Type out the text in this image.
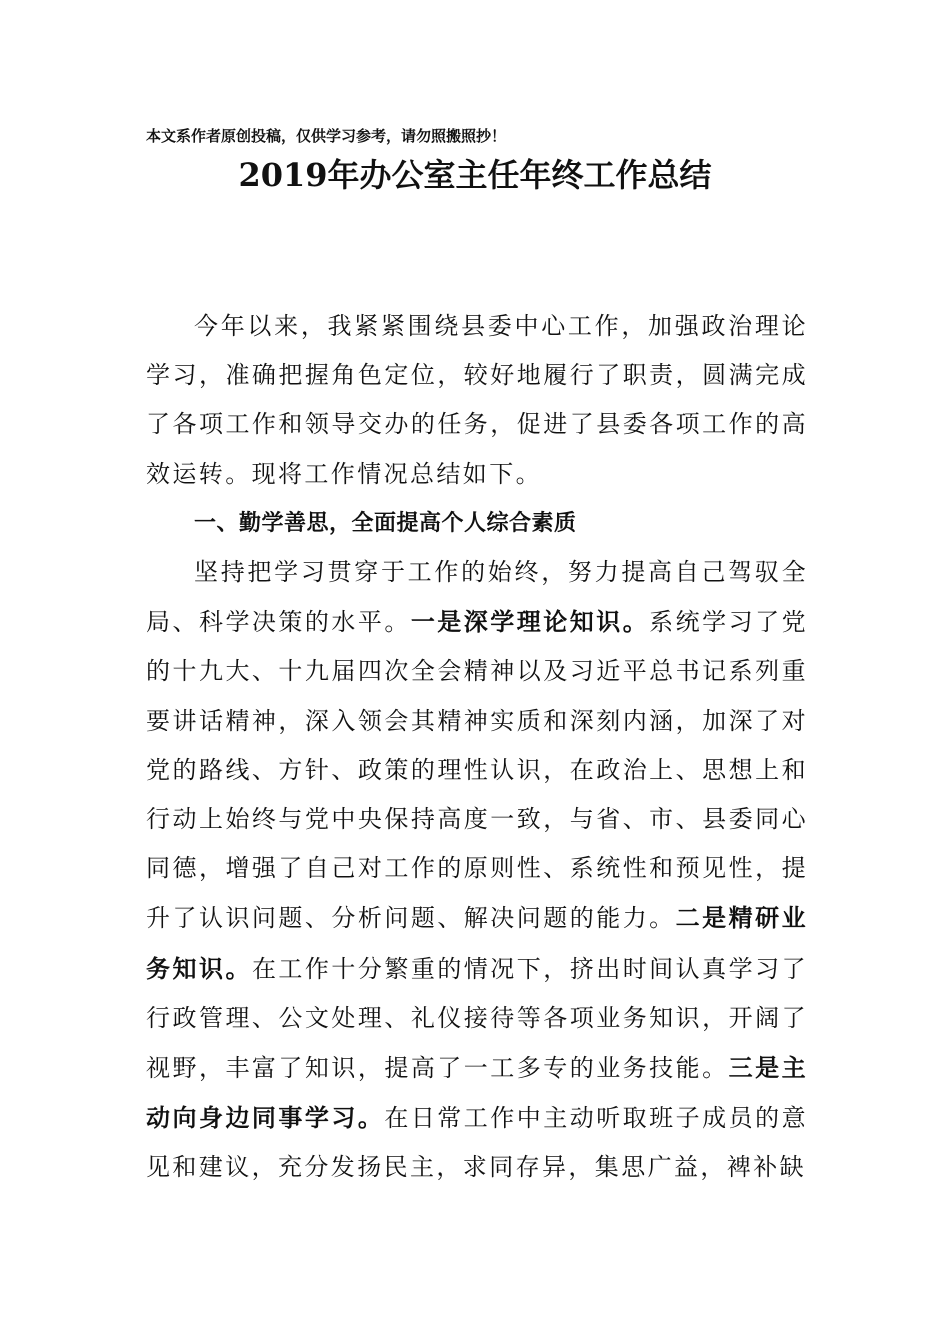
本文系作者原创投稿，仅供学习参考，请勿照搬照抄！
2019年办公室主任年终工作总结

今年以来，我紧紧围绕县委中心工作，加强政治理论学习，准确把握角色定位，较好地履行了职责，圆满完成了各项工作和领导交办的任务，促进了县委各项工作的高效运转。现将工作情况总结如下。

一、勤学善思，全面提高个人综合素质

坚持把学习贯穿于工作的始终，努力提高自己驾驭全局、科学决策的水平。一是深学理论知识。系统学习了党的十九大、十九届四次全会精神以及习近平总书记系列重要讲话精神，深入领会其精神实质和深刻内涵，加深了对党的路线、方针、政策的理性认识，在政治上、思想上和行动上始终与党中央保持高度一致，与省、市、县委同心同德，增强了自己对工作的原则性、系统性和预见性，提升了认识问题、分析问题、解决问题的能力。二是精研业务知识。在工作十分繁重的情况下，挤出时间认真学习了行政管理、公文处理、礼仪接待等各项业务知识，开阔了视野，丰富了知识，提高了一工多专的业务技能。三是主动向身边同事学习。在日常工作中主动听取班子成员的意见和建议，充分发扬民主，求同存异，集思广益，裨补缺
